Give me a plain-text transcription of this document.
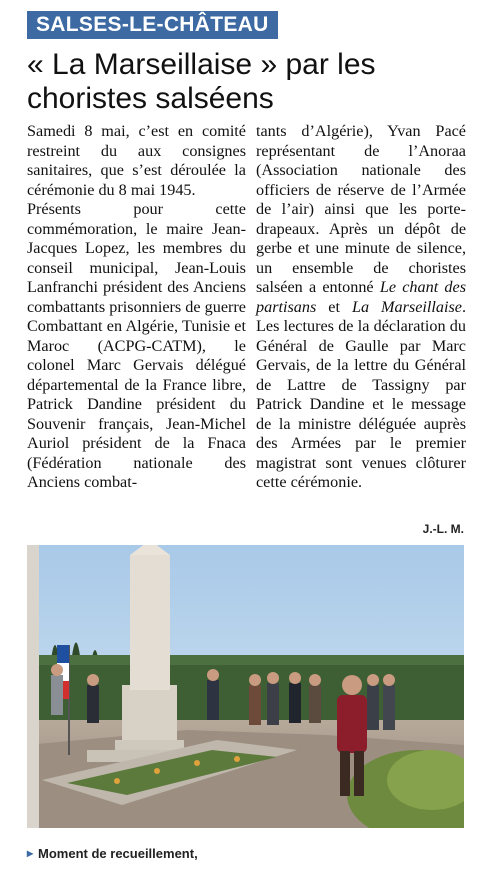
SALSES-LE-CHÂTEAU
« La Marseillaise » par les choristes salséens

Samedi 8 mai, c’est en comité restreint du aux consignes sanitaires, que s’est déroulée la cérémonie du 8 mai 1945.

Présents pour cette commémoration, le maire Jean-Jacques Lopez, les membres du conseil municipal, Jean-Louis Lanfranchi président des Anciens combattants prisonniers de guerre Combattant en Algérie, Tunisie et Maroc (ACPG-CATM), le colonel Marc Gervais délégué départemental de la France libre, Patrick Dandine président du Souvenir français, Jean-Michel Auriol président de la Fnaca (Fédération nationale des Anciens combat-

tants d’Algérie), Yvan Pacé représentant de l’Anoraa (Association nationale des officiers de réserve de l’Armée de l’air) ainsi que les porte-drapeaux. Après un dépôt de gerbe et une minute de silence, un ensemble de choristes salséen a entonné Le chant des partisans et La Marseillaise. Les lectures de la déclaration du Général de Gaulle par Marc Gervais, de la lettre du Général de Lattre de Tassigny par Patrick Dandine et le message de la ministre déléguée auprès des Armées par le premier magistrat sont venues clôturer cette cérémonie.

J.-L. M.
▸ Moment de recueillement,
